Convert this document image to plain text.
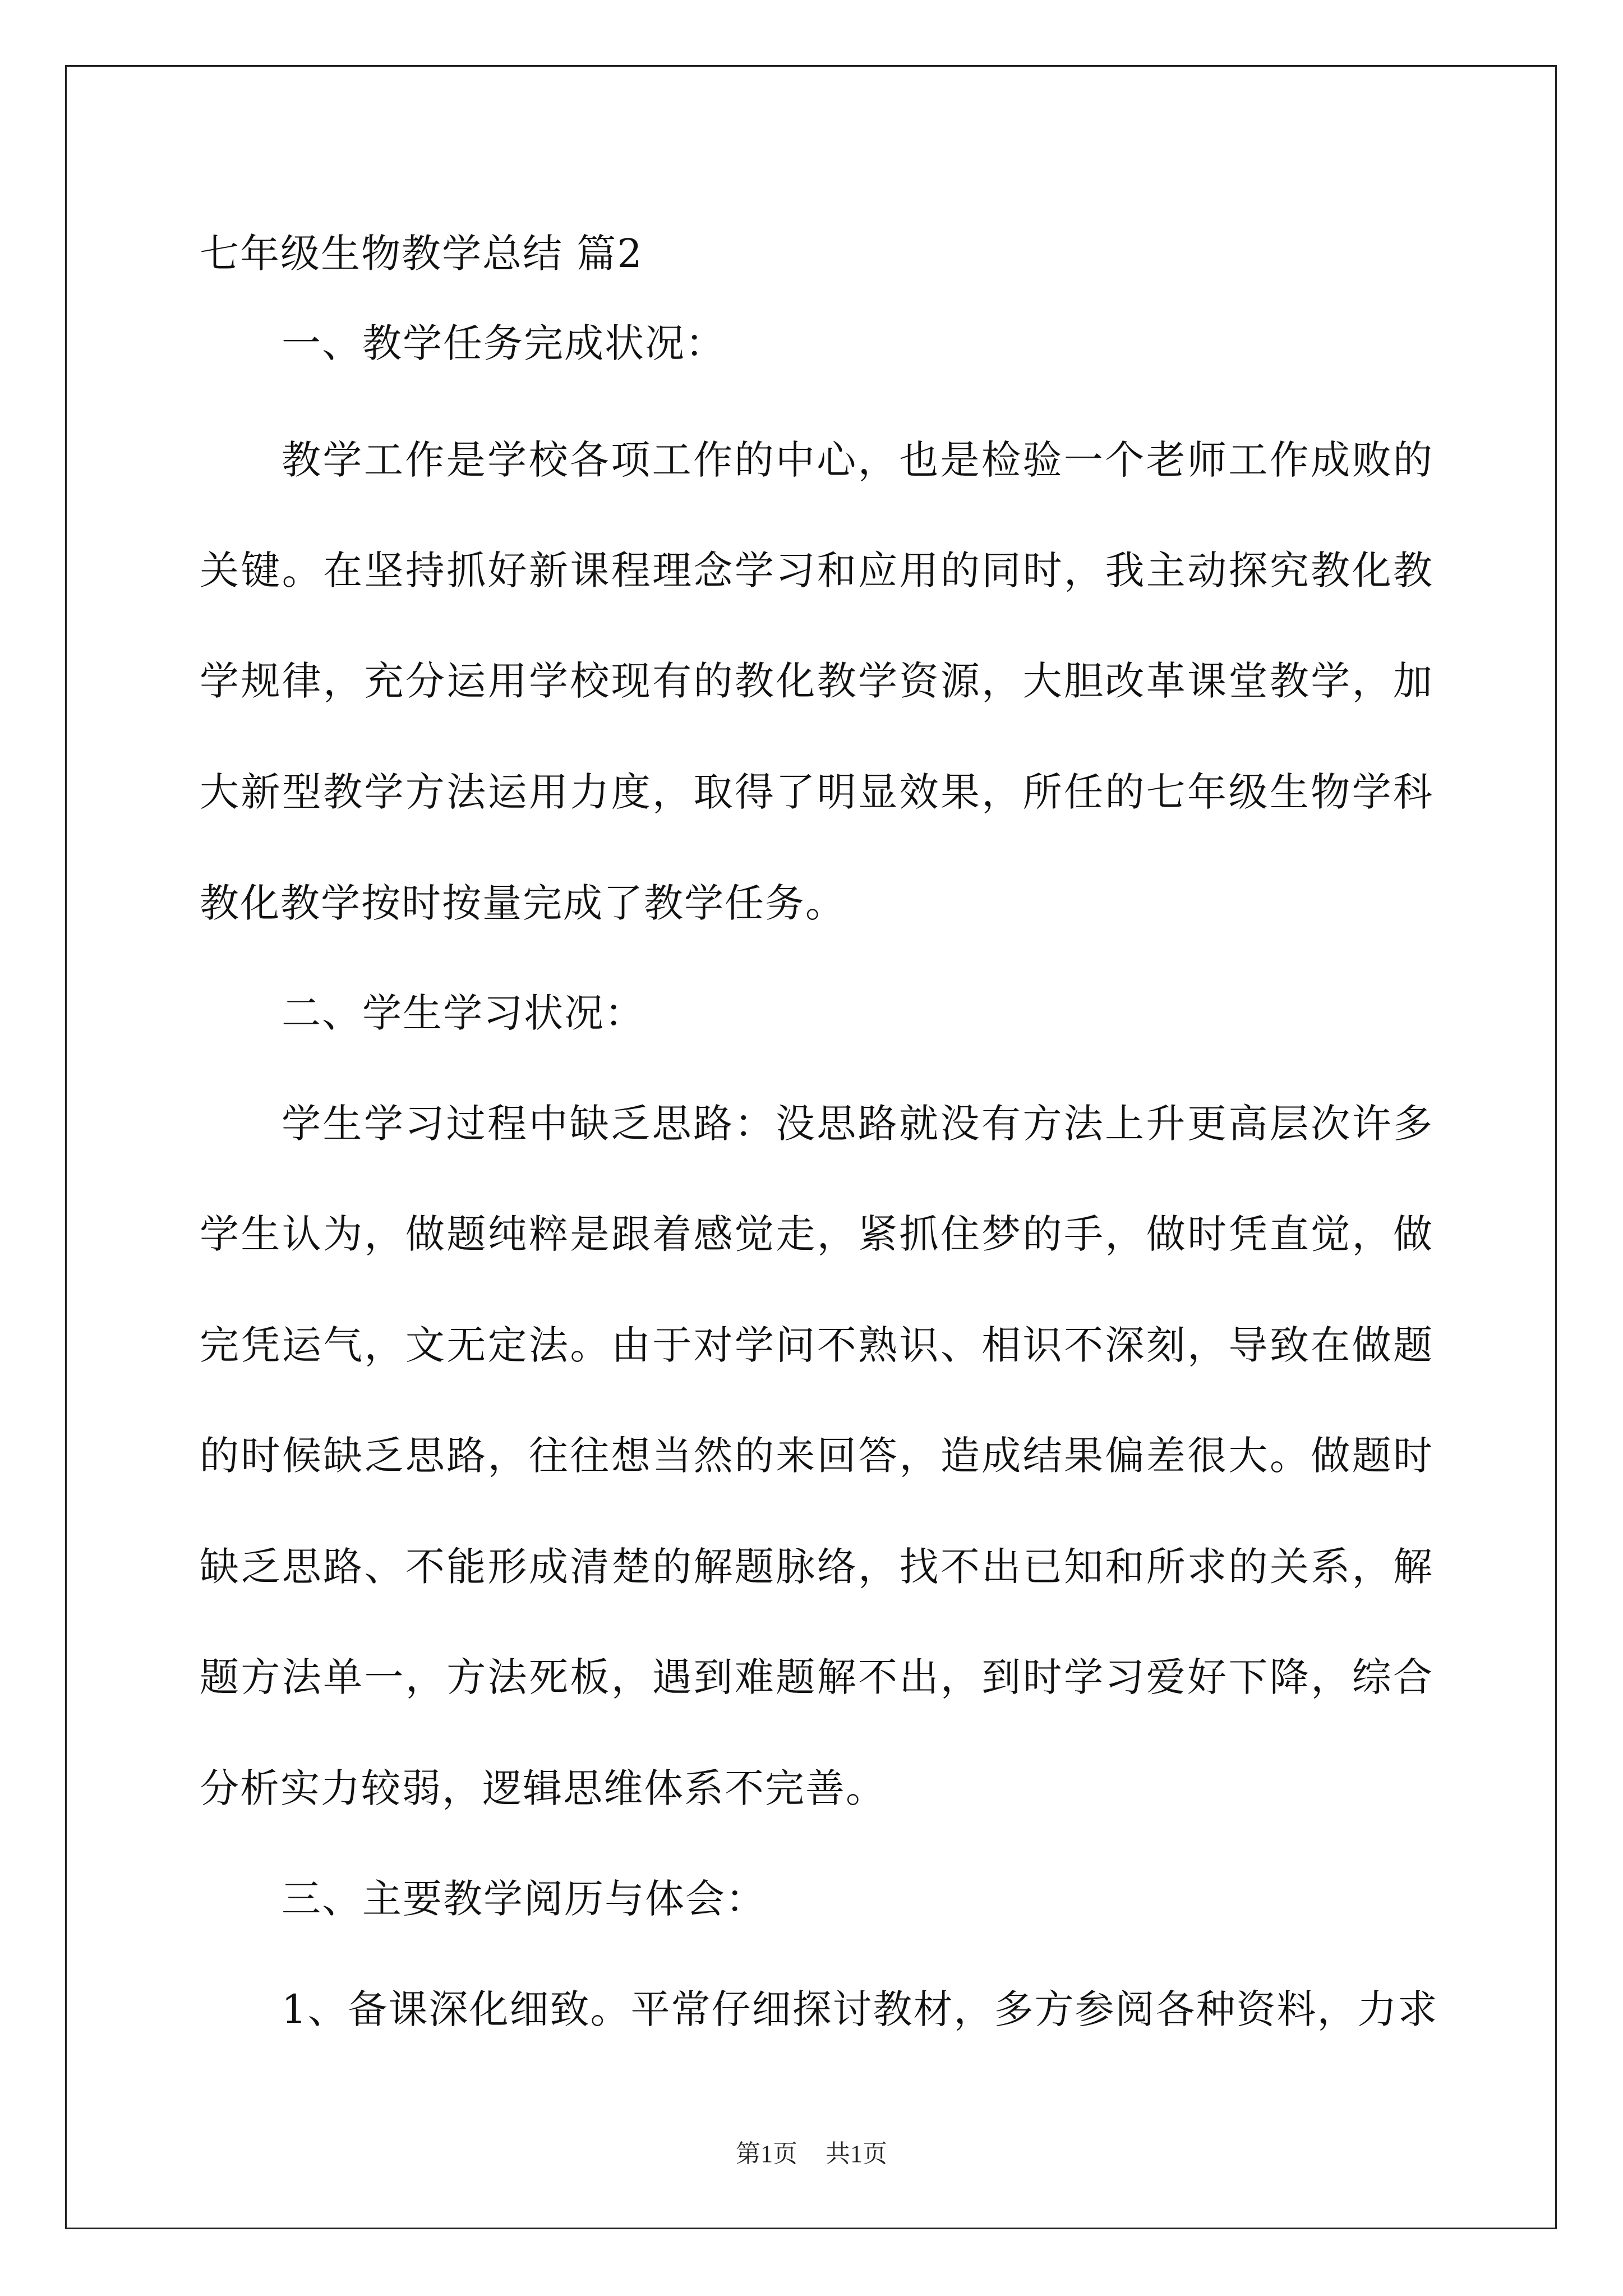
七年级生物教学总结 篇2
一、教学任务完成状况：
教学工作是学校各项工作的中心，也是检验一个老师工作成败的
关键。在坚持抓好新课程理念学习和应用的同时，我主动探究教化教
学规律，充分运用学校现有的教化教学资源，大胆改革课堂教学，加
大新型教学方法运用力度，取得了明显效果，所任的七年级生物学科
教化教学按时按量完成了教学任务。
二、学生学习状况：
学生学习过程中缺乏思路：没思路就没有方法上升更高层次许多
学生认为，做题纯粹是跟着感觉走，紧抓住梦的手，做时凭直觉，做
完凭运气，文无定法。由于对学问不熟识、相识不深刻，导致在做题
的时候缺乏思路，往往想当然的来回答，造成结果偏差很大。做题时
缺乏思路、不能形成清楚的解题脉络，找不出已知和所求的关系，解
题方法单一，方法死板，遇到难题解不出，到时学习爱好下降，综合
分析实力较弱，逻辑思维体系不完善。
三、主要教学阅历与体会：
1、备课深化细致。平常仔细探讨教材，多方参阅各种资料，力求
第1页 共1页
